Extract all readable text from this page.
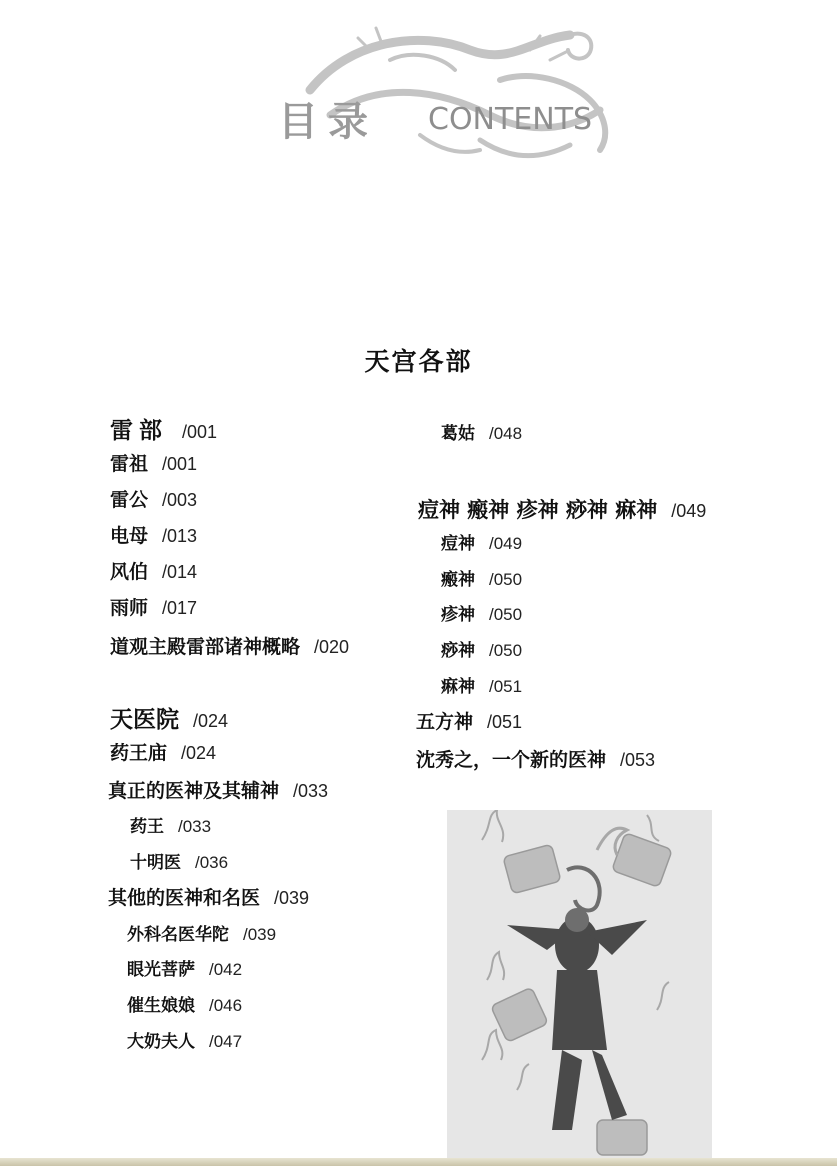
目录 CONTENTS
天宫各部
雷部 /001
雷祖 /001
雷公 /003
电母 /013
风伯 /014
雨师 /017
道观主殿雷部诸神概略 /020
天医院 /024
药王庙 /024
真正的医神及其辅神 /033
药王 /033
十明医 /036
其他的医神和名医 /039
外科名医华陀 /039
眼光菩萨 /042
催生娘娘 /046
大奶夫人 /047
葛姑 /048
痘神 瘢神 疹神 痧神 痳神 /049
痘神 /049
瘢神 /050
疹神 /050
痧神 /050
痳神 /051
五方神 /051
沈秀之，一个新的医神 /053
